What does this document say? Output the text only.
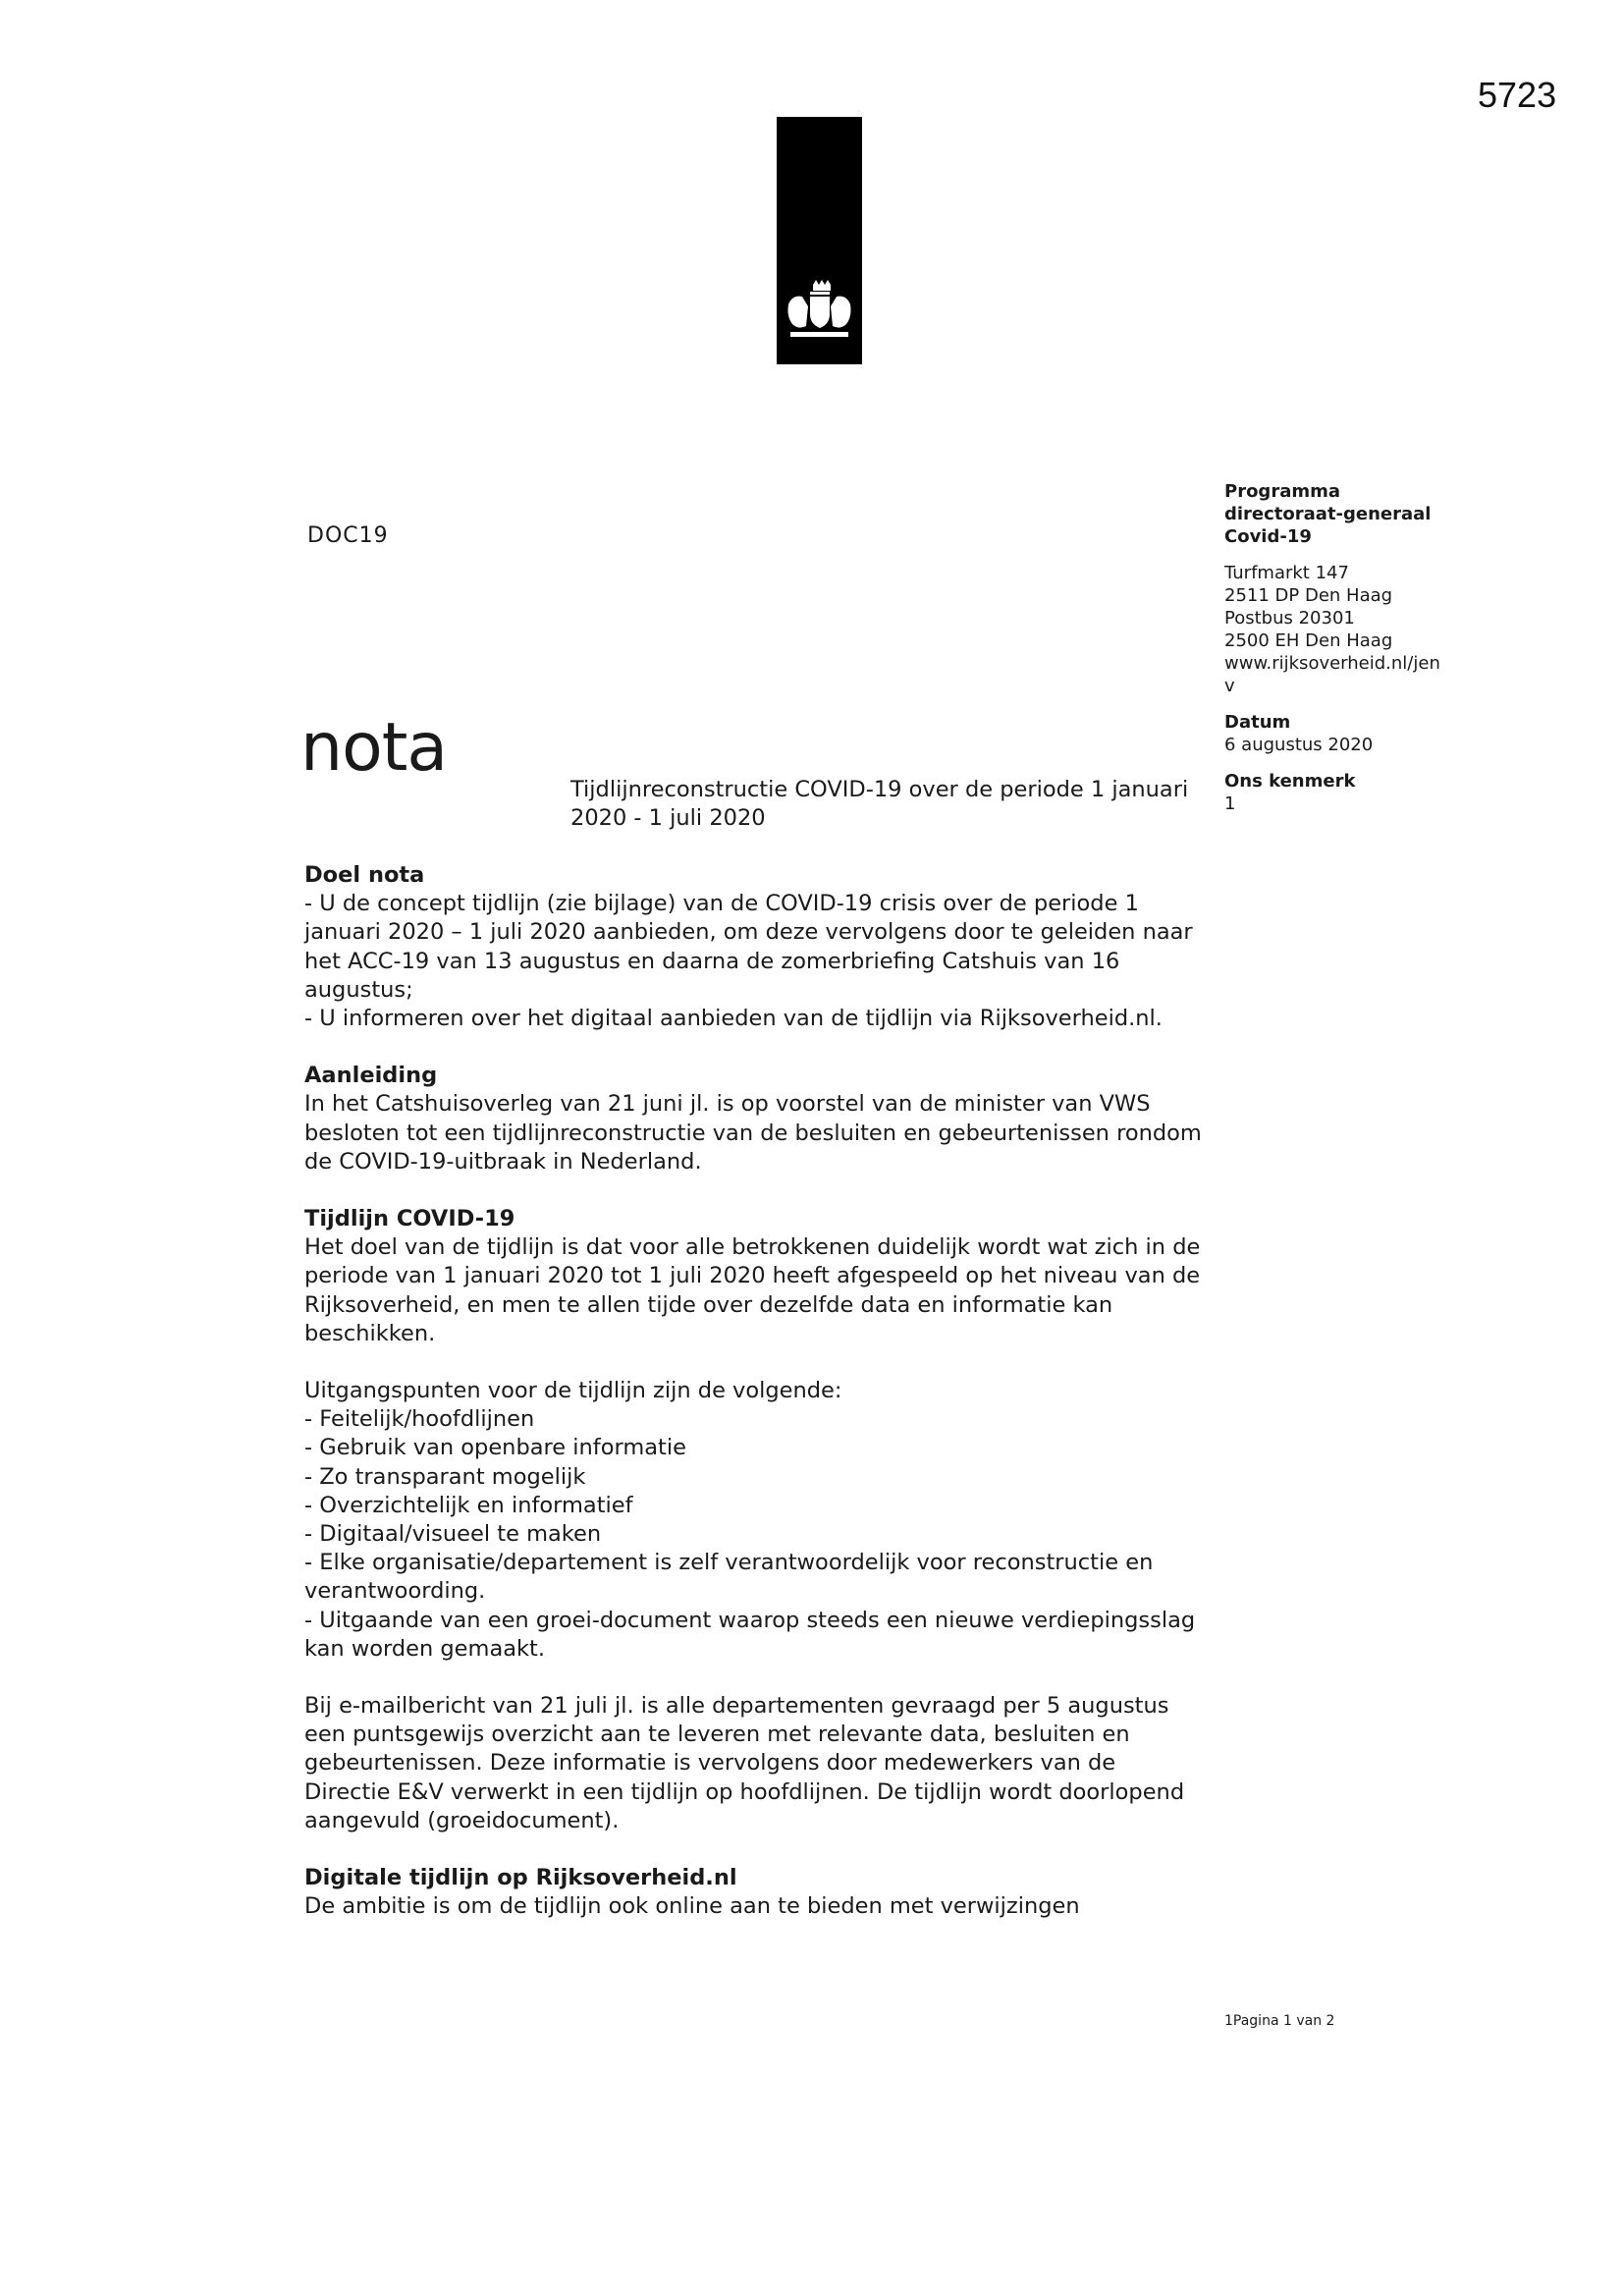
5723
DOC19
nota
Tijdlijnreconstructie COVID-19 over de periode 1 januari 2020 - 1 juli 2020
Programma
directoraat-generaal
Covid-19
Turfmarkt 147
2511 DP Den Haag
Postbus 20301
2500 EH Den Haag
www.rijksoverheid.nl/jen
v
Datum
6 augustus 2020
Ons kenmerk
1

Doel nota
- U de concept tijdlijn (zie bijlage) van de COVID-19 crisis over de periode 1 januari 2020 – 1 juli 2020 aanbieden, om deze vervolgens door te geleiden naar het ACC-19 van 13 augustus en daarna de zomerbriefing Catshuis van 16 augustus;
- U informeren over het digitaal aanbieden van de tijdlijn via Rijksoverheid.nl.

Aanleiding
In het Catshuisoverleg van 21 juni jl. is op voorstel van de minister van VWS besloten tot een tijdlijnreconstructie van de besluiten en gebeurtenissen rondom de COVID-19-uitbraak in Nederland.

Tijdlijn COVID-19
Het doel van de tijdlijn is dat voor alle betrokkenen duidelijk wordt wat zich in de periode van 1 januari 2020 tot 1 juli 2020 heeft afgespeeld op het niveau van de Rijksoverheid, en men te allen tijde over dezelfde data en informatie kan beschikken.

Uitgangspunten voor de tijdlijn zijn de volgende:
- Feitelijk/hoofdlijnen
- Gebruik van openbare informatie
- Zo transparant mogelijk
- Overzichtelijk en informatief
- Digitaal/visueel te maken
- Elke organisatie/departement is zelf verantwoordelijk voor reconstructie en verantwoording.
- Uitgaande van een groei-document waarop steeds een nieuwe verdiepingsslag kan worden gemaakt.

Bij e-mailbericht van 21 juli jl. is alle departementen gevraagd per 5 augustus een puntsgewijs overzicht aan te leveren met relevante data, besluiten en gebeurtenissen. Deze informatie is vervolgens door medewerkers van de Directie E&V verwerkt in een tijdlijn op hoofdlijnen. De tijdlijn wordt doorlopend aangevuld (groeidocument).

Digitale tijdlijn op Rijksoverheid.nl
De ambitie is om de tijdlijn ook online aan te bieden met verwijzingen

1Pagina 1 van 2
